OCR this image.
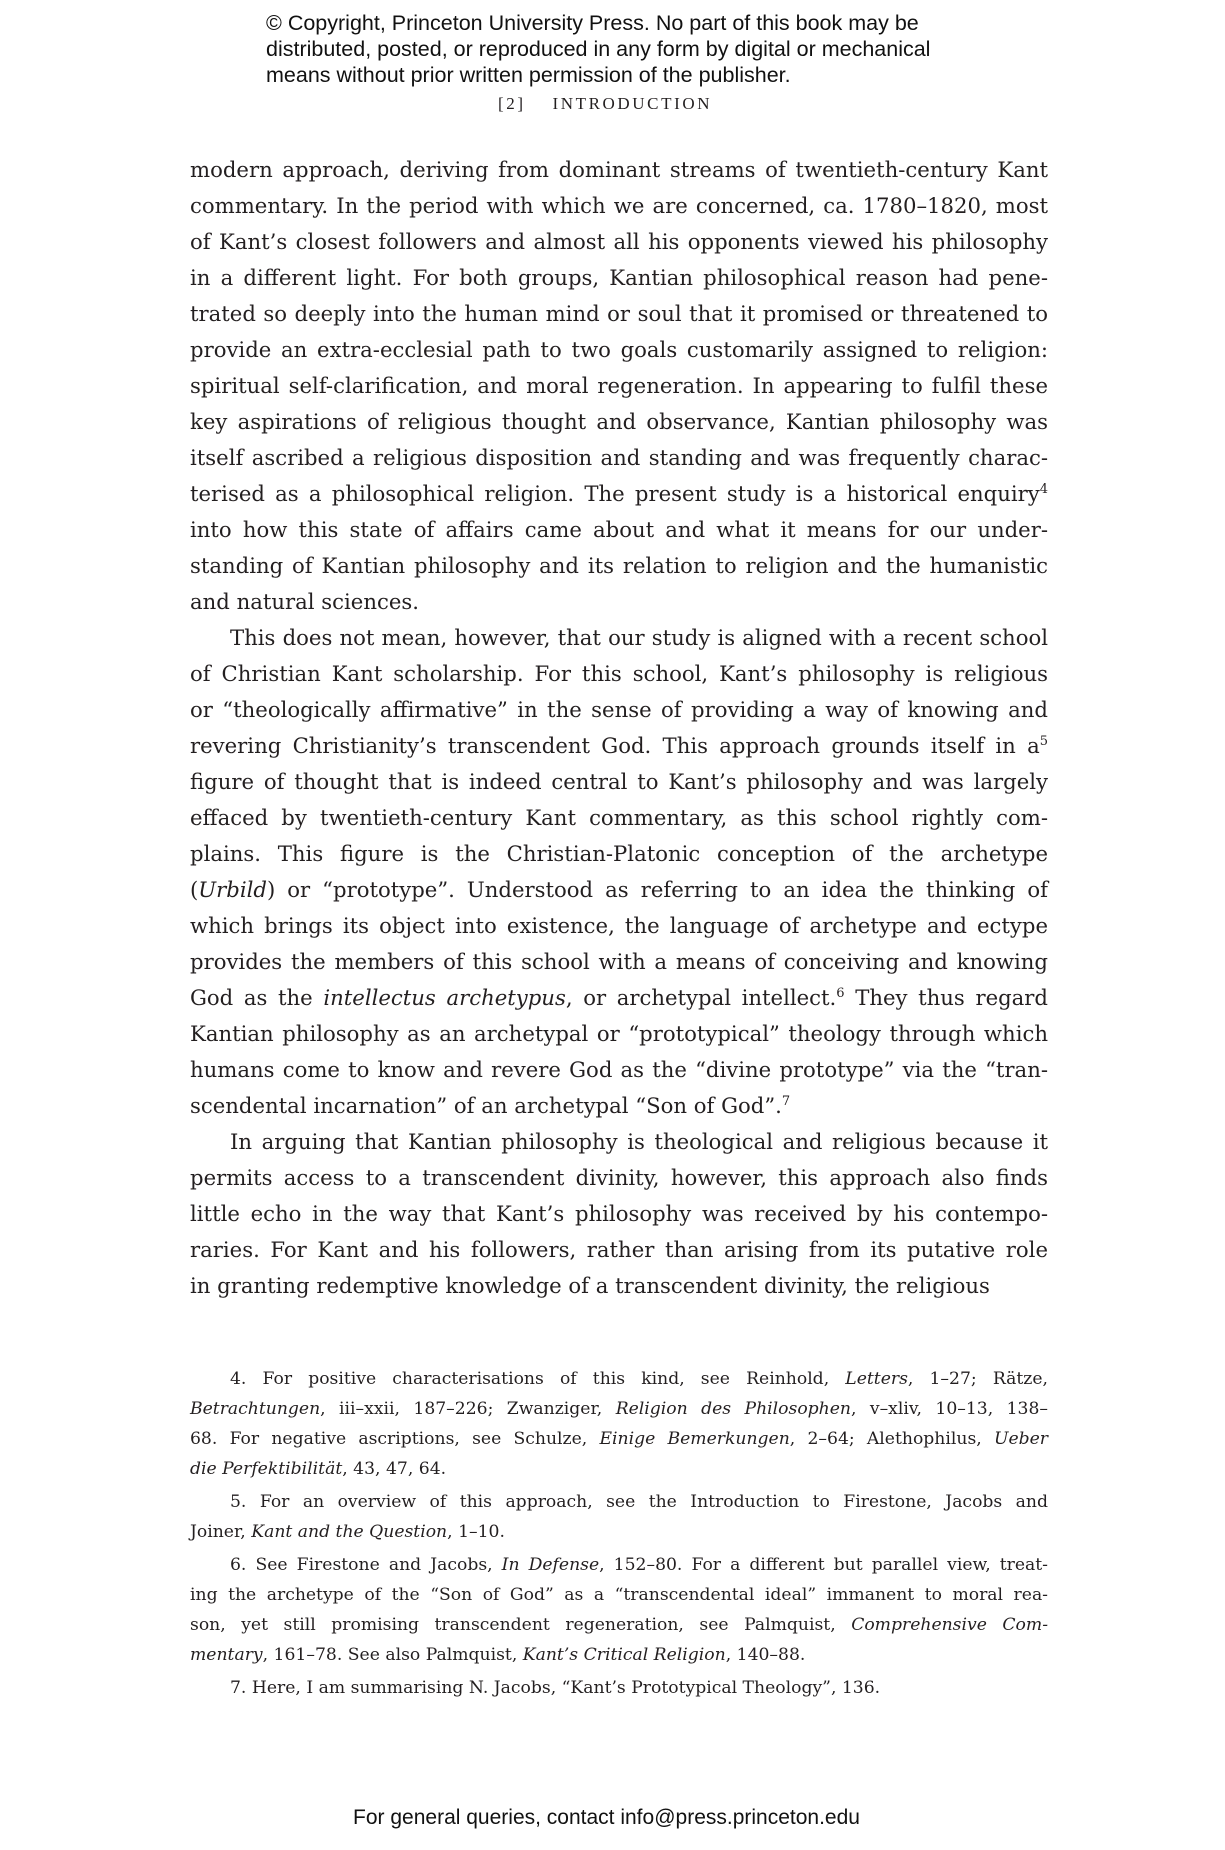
© Copyright, Princeton University Press. No part of this book may be
distributed, posted, or reproduced in any form by digital or mechanical
means without prior written permission of the publisher.
[2] INTRODUCTION
modern approach, deriving from dominant streams of twentieth-century Kant
commentary. In the period with which we are concerned, ca. 1780–1820, most
of Kant’s closest followers and almost all his opponents viewed his philosophy
in a different light. For both groups, Kantian philosophical reason had pene-
trated so deeply into the human mind or soul that it promised or threatened to
provide an extra-ecclesial path to two goals customarily assigned to religion:
spiritual self-clarification, and moral regeneration. In appearing to fulfil these
key aspirations of religious thought and observance, Kantian philosophy was
itself ascribed a religious disposition and standing and was frequently charac-
terised as a philosophical religion. The present study is a historical enquiry$^4$
into how this state of affairs came about and what it means for our under-
standing of Kantian philosophy and its relation to religion and the humanistic
and natural sciences.
This does not mean, however, that our study is aligned with a recent school
of Christian Kant scholarship. For this school, Kant’s philosophy is religious
or “theologically affirmative” in the sense of providing a way of knowing and
revering Christianity’s transcendent God. This approach grounds itself in a$^5$
figure of thought that is indeed central to Kant’s philosophy and was largely
effaced by twentieth-century Kant commentary, as this school rightly com-
plains. This figure is the Christian-Platonic conception of the archetype
(Urbild) or “prototype”. Understood as referring to an idea the thinking of
which brings its object into existence, the language of archetype and ectype
provides the members of this school with a means of conceiving and knowing
God as the intellectus archetypus, or archetypal intellect.$^6$ They thus regard
Kantian philosophy as an archetypal or “prototypical” theology through which
humans come to know and revere God as the “divine prototype” via the “tran-
scendental incarnation” of an archetypal “Son of God”.$^7$
In arguing that Kantian philosophy is theological and religious because it
permits access to a transcendent divinity, however, this approach also finds
little echo in the way that Kant’s philosophy was received by his contempo-
raries. For Kant and his followers, rather than arising from its putative role
in granting redemptive knowledge of a transcendent divinity, the religious
4. For positive characterisations of this kind, see Reinhold, Letters, 1–27; Rätze,
Betrachtungen, iii–xxii, 187–226; Zwanziger, Religion des Philosophen, v–xliv, 10–13, 138–
68. For negative ascriptions, see Schulze, Einige Bemerkungen, 2–64; Alethophilus, Ueber
die Perfektibilität, 43, 47, 64.
5. For an overview of this approach, see the Introduction to Firestone, Jacobs and
Joiner, Kant and the Question, 1–10.
6. See Firestone and Jacobs, In Defense, 152–80. For a different but parallel view, treat-
ing the archetype of the “Son of God” as a “transcendental ideal” immanent to moral rea-
son, yet still promising transcendent regeneration, see Palmquist, Comprehensive Com-
mentary, 161–78. See also Palmquist, Kant’s Critical Religion, 140–88.
7. Here, I am summarising N. Jacobs, “Kant’s Prototypical Theology”, 136.
For general queries, contact info@press.princeton.edu
